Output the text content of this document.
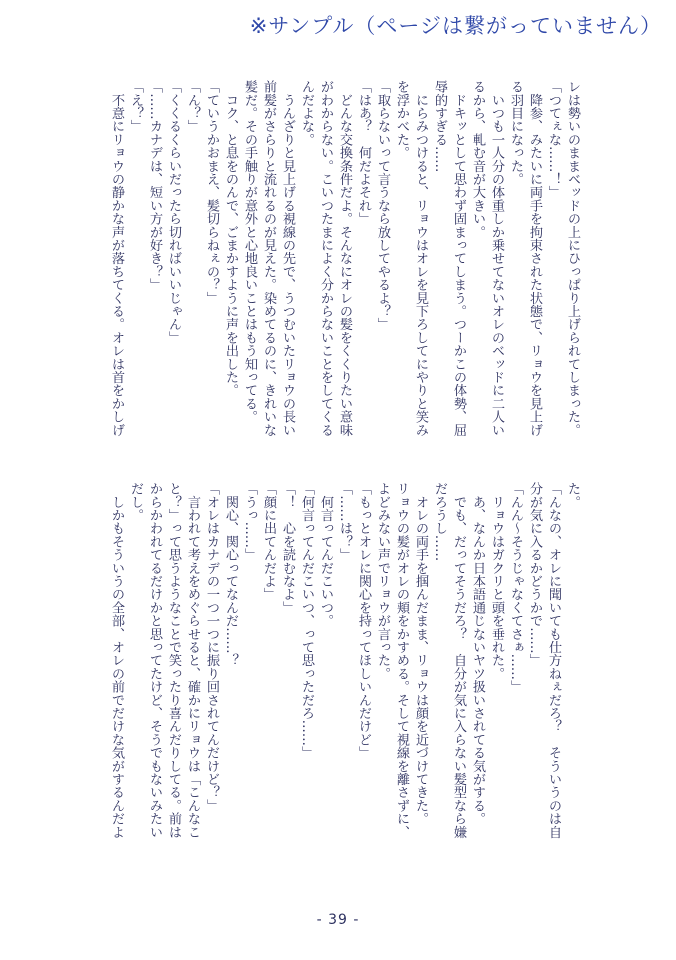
※サンプル（ページは繋がっていません）
レは勢いのままベッドの上にひっぱり上げられてしまった。
「つてぇな……！」
　降参、みたいに両手を拘束された状態で、リョウを見上げ
る羽目になった。
　いつも一人分の体重しか乗せてないオレのベッドに二人い
るから、軋む音が大きい。
　ドキッとして思わず固まってしまう。つーかこの体勢、屈
辱的すぎる……
　にらみつけると、リョウはオレを見下ろしてにやりと笑み
を浮かべた。
「取らないって言うなら放してやるよ？」
「はあ？　何だよそれ」
　どんな交換条件だよ。そんなにオレの髪をくくりたい意味
がわからない。こいつたまによく分からないことをしてくる
んだよな。
　うんざりと見上げる視線の先で、うつむいたリョウの長い
前髪がさらりと流れるのが見えた。染めてるのに、きれいな
髪だ。その手触りが意外と心地良いことはもう知ってる。
　コク、と息をのんで、ごまかすように声を出した。
「ていうかおまえ、髪切らねぇの？」
「ん？」
「くくるくらいだったら切ればいいじゃん」
「……カナデは、短い方が好き？」
「え？」
　不意にリョウの静かな声が落ちてくる。オレは首をかしげ
た。
「んなの、オレに聞いても仕方ねぇだろ？　そういうのは自
分が気に入るかどうかで……」
「んん～そうじゃなくてさぁ……」
　リョウはガクリと頭を垂れた。
　あ、なんか日本語通じないヤツ扱いされてる気がする。
　でも、だってそうだろ？　自分が気に入らない髪型なら嫌
だろうし……
　オレの両手を掴んだまま、リョウは顔を近づけてきた。
リョウの髪がオレの頬をかすめる。そして視線を離さずに、
よどみない声でリョウが言った。
「もっとオレに関心を持ってほしいんだけど」
「……は？」
　何言ってんだこいつ。
「何言ってんだこいつ、って思っただろ……」
「！　心を読むなよ」
「顔に出てんだよ」
「うっ……」
　関心、関心ってなんだ……？
「オレはカナデの一つ一つに振り回されてんだけど？」
　言われて考えをめぐらせると、確かにリョウは「こんなこ
と？」って思うようなことで笑ったり喜んだりしてる。前は
からかわれてるだけかと思ってたけど、そうでもないみたい
だし。
　しかもそういうの全部、オレの前でだけな気がするんだよ
- 39 -
